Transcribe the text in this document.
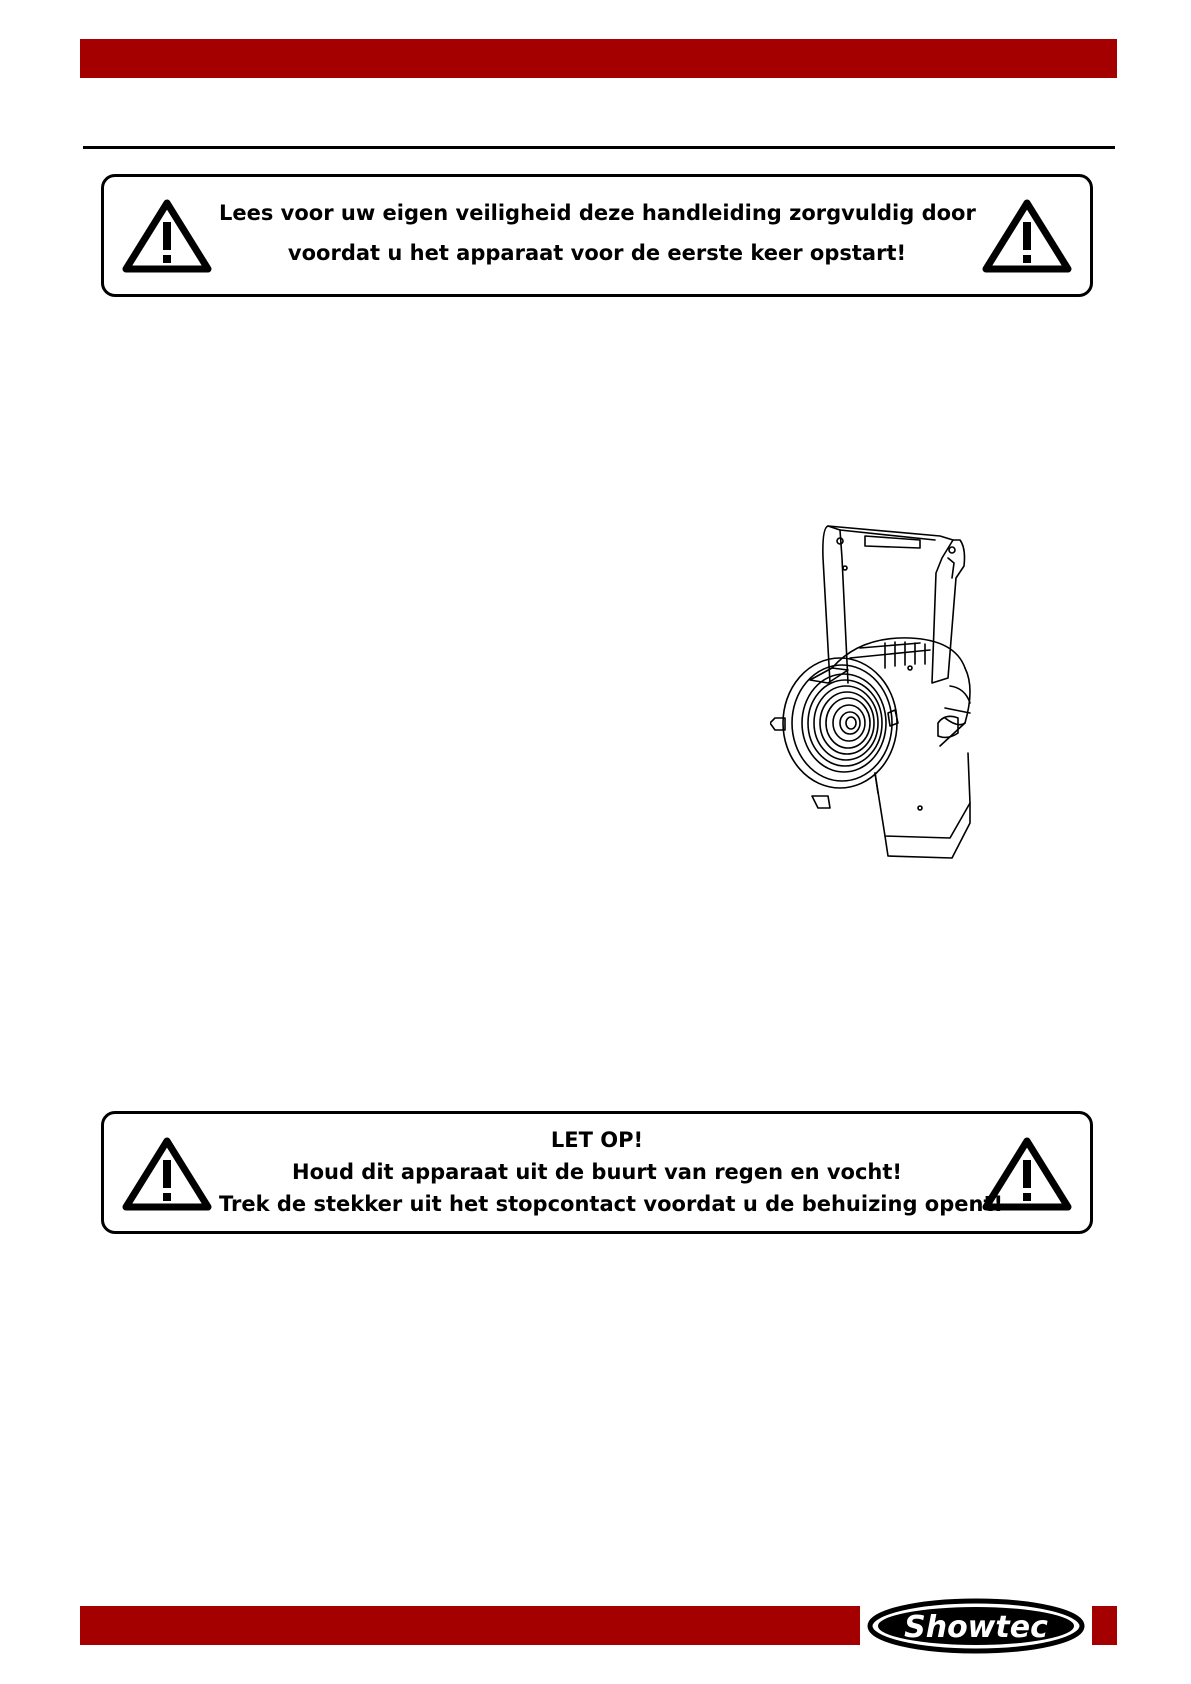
Lees voor uw eigen veiligheid deze handleiding zorgvuldig door
voordat u het apparaat voor de eerste keer opstart!
LET OP!
Houd dit apparaat uit de buurt van regen en vocht!
Trek de stekker uit het stopcontact voordat u de behuizing opent!
Showtec
